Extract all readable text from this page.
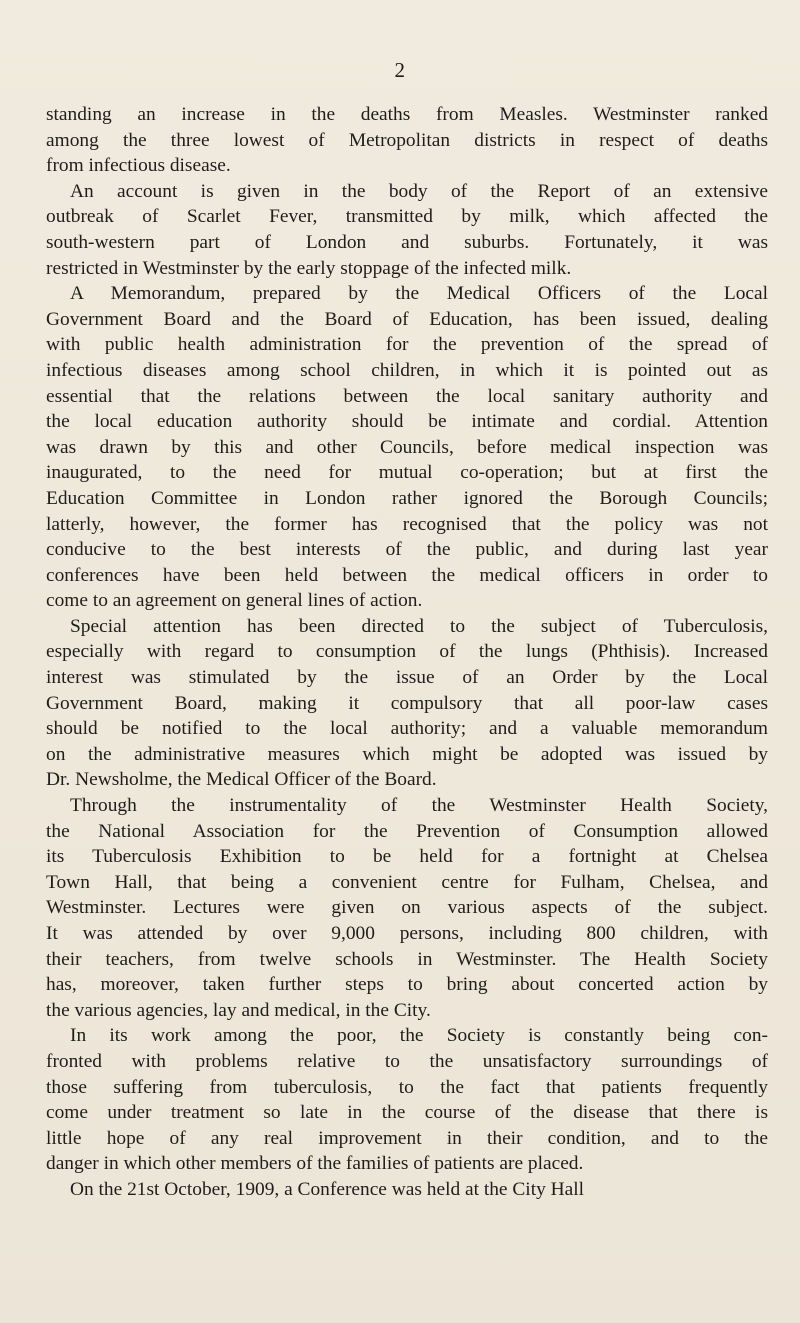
2

standing an increase in the deaths from Measles. Westminster ranked
among the three lowest of Metropolitan districts in respect of deaths
from infectious disease.

An account is given in the body of the Report of an extensive
outbreak of Scarlet Fever, transmitted by milk, which affected the
south-western part of London and suburbs. Fortunately, it was
restricted in Westminster by the early stoppage of the infected milk.

A Memorandum, prepared by the Medical Officers of the Local
Government Board and the Board of Education, has been issued, dealing
with public health administration for the prevention of the spread of
infectious diseases among school children, in which it is pointed out as
essential that the relations between the local sanitary authority and
the local education authority should be intimate and cordial. Attention
was drawn by this and other Councils, before medical inspection was
inaugurated, to the need for mutual co-operation; but at first the
Education Committee in London rather ignored the Borough Councils;
latterly, however, the former has recognised that the policy was not
conducive to the best interests of the public, and during last year
conferences have been held between the medical officers in order to
come to an agreement on general lines of action.

Special attention has been directed to the subject of Tuberculosis,
especially with regard to consumption of the lungs (Phthisis). Increased
interest was stimulated by the issue of an Order by the Local
Government Board, making it compulsory that all poor-law cases
should be notified to the local authority; and a valuable memorandum
on the administrative measures which might be adopted was issued by
Dr. Newsholme, the Medical Officer of the Board.

Through the instrumentality of the Westminster Health Society,
the National Association for the Prevention of Consumption allowed
its Tuberculosis Exhibition to be held for a fortnight at Chelsea
Town Hall, that being a convenient centre for Fulham, Chelsea, and
Westminster. Lectures were given on various aspects of the subject.
It was attended by over 9,000 persons, including 800 children, with
their teachers, from twelve schools in Westminster. The Health Society
has, moreover, taken further steps to bring about concerted action by
the various agencies, lay and medical, in the City.

In its work among the poor, the Society is constantly being con-
fronted with problems relative to the unsatisfactory surroundings of
those suffering from tuberculosis, to the fact that patients frequently
come under treatment so late in the course of the disease that there is
little hope of any real improvement in their condition, and to the
danger in which other members of the families of patients are placed.

On the 21st October, 1909, a Conference was held at the City Hall
